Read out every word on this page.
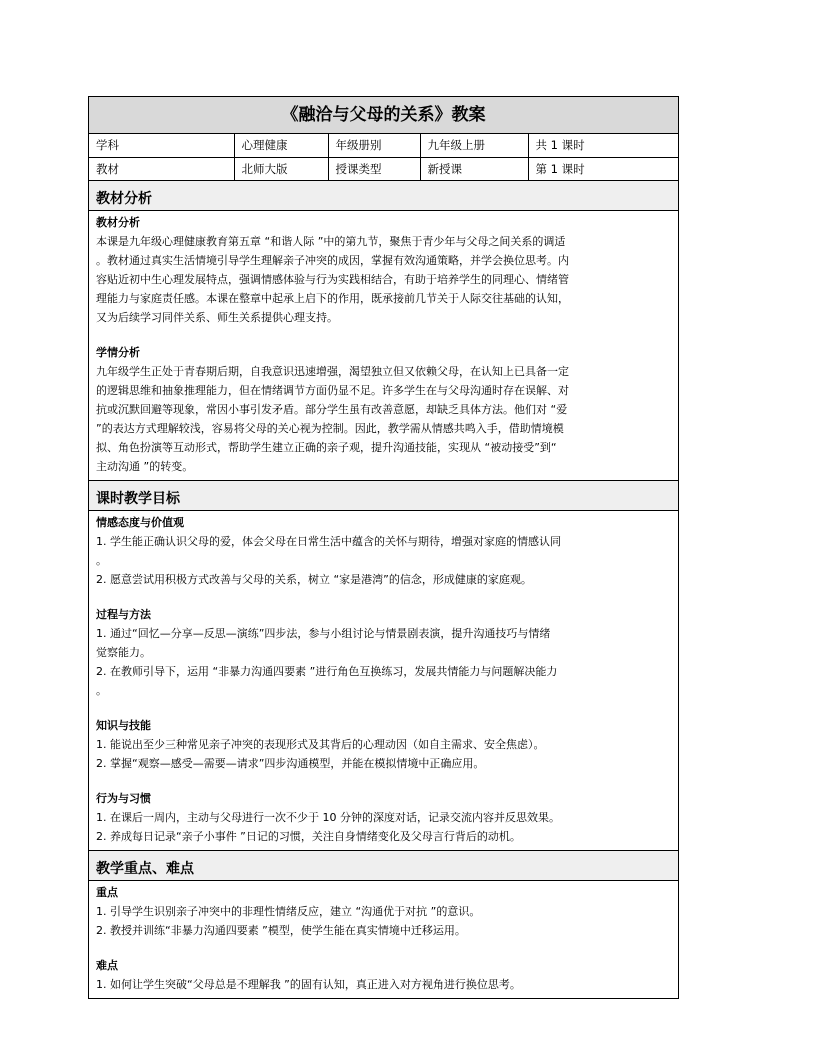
《融洽与父母的关系》教案
学科	心理健康	年级册别	九年级上册	共 1 课时
教材	北师大版	授课类型	新授课	第 1 课时
教材分析
教材分析
本课是九年级心理健康教育第五章 “和谐人际 ”中的第九节，聚焦于青少年与父母之间关系的调适
。教材通过真实生活情境引导学生理解亲子冲突的成因，掌握有效沟通策略，并学会换位思考。内
容贴近初中生心理发展特点，强调情感体验与行为实践相结合，有助于培养学生的同理心、情绪管
理能力与家庭责任感。本课在整章中起承上启下的作用，既承接前几节关于人际交往基础的认知，
又为后续学习同伴关系、师生关系提供心理支持。
学情分析
九年级学生正处于青春期后期，自我意识迅速增强，渴望独立但又依赖父母，在认知上已具备一定
的逻辑思维和抽象推理能力，但在情绪调节方面仍显不足。许多学生在与父母沟通时存在误解、对
抗或沉默回避等现象，常因小事引发矛盾。部分学生虽有改善意愿，却缺乏具体方法。他们对 “爱
”的表达方式理解较浅，容易将父母的关心视为控制。因此，教学需从情感共鸣入手，借助情境模
拟、角色扮演等互动形式，帮助学生建立正确的亲子观，提升沟通技能，实现从 “被动接受”到“
主动沟通 ”的转变。
课时教学目标
情感态度与价值观
1. 学生能正确认识父母的爱，体会父母在日常生活中蕴含的关怀与期待，增强对家庭的情感认同
。
2. 愿意尝试用积极方式改善与父母的关系，树立 “家是港湾”的信念，形成健康的家庭观。
过程与方法
1. 通过“回忆—分享—反思—演练”四步法，参与小组讨论与情景剧表演，提升沟通技巧与情绪
觉察能力。
2. 在教师引导下，运用 “非暴力沟通四要素 ”进行角色互换练习，发展共情能力与问题解决能力
。
知识与技能
1. 能说出至少三种常见亲子冲突的表现形式及其背后的心理动因（如自主需求、安全焦虑）。
2. 掌握“观察—感受—需要—请求”四步沟通模型，并能在模拟情境中正确应用。
行为与习惯
1. 在课后一周内，主动与父母进行一次不少于 10 分钟的深度对话，记录交流内容并反思效果。
2. 养成每日记录“亲子小事件 ”日记的习惯，关注自身情绪变化及父母言行背后的动机。
教学重点、难点
重点
1. 引导学生识别亲子冲突中的非理性情绪反应，建立 “沟通优于对抗 ”的意识。
2. 教授并训练“非暴力沟通四要素 ”模型，使学生能在真实情境中迁移运用。
难点
1. 如何让学生突破“父母总是不理解我 ”的固有认知，真正进入对方视角进行换位思考。
